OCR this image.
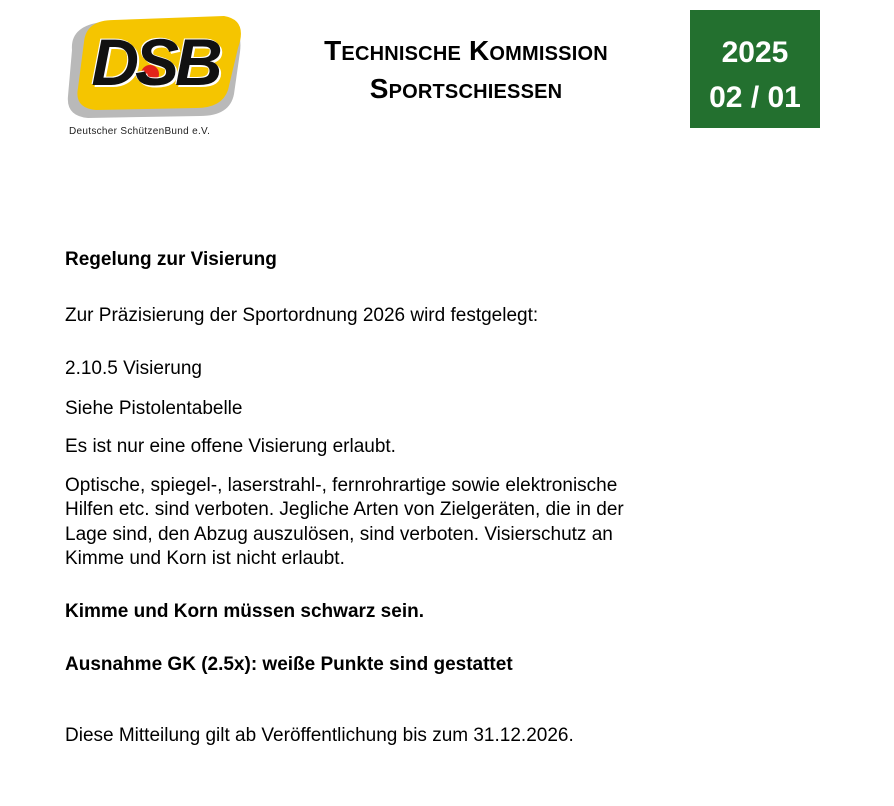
DSB
Deutscher SchützenBund e.V.
Technische Kommission
Sportschiessen
2025
02 / 01

Regelung zur Visierung

Zur Präzisierung der Sportordnung 2026 wird festgelegt:

2.10.5 Visierung

Siehe Pistolentabelle

Es ist nur eine offene Visierung erlaubt.

Optische, spiegel-, laserstrahl-, fernrohrartige sowie elektronische

Hilfen etc. sind verboten. Jegliche Arten von Zielgeräten, die in der

Lage sind, den Abzug auszulösen, sind verboten. Visierschutz an

Kimme und Korn ist nicht erlaubt.

Kimme und Korn müssen schwarz sein.

Ausnahme GK (2.5x): weiße Punkte sind gestattet

Diese Mitteilung gilt ab Veröffentlichung bis zum 31.12.2026.
